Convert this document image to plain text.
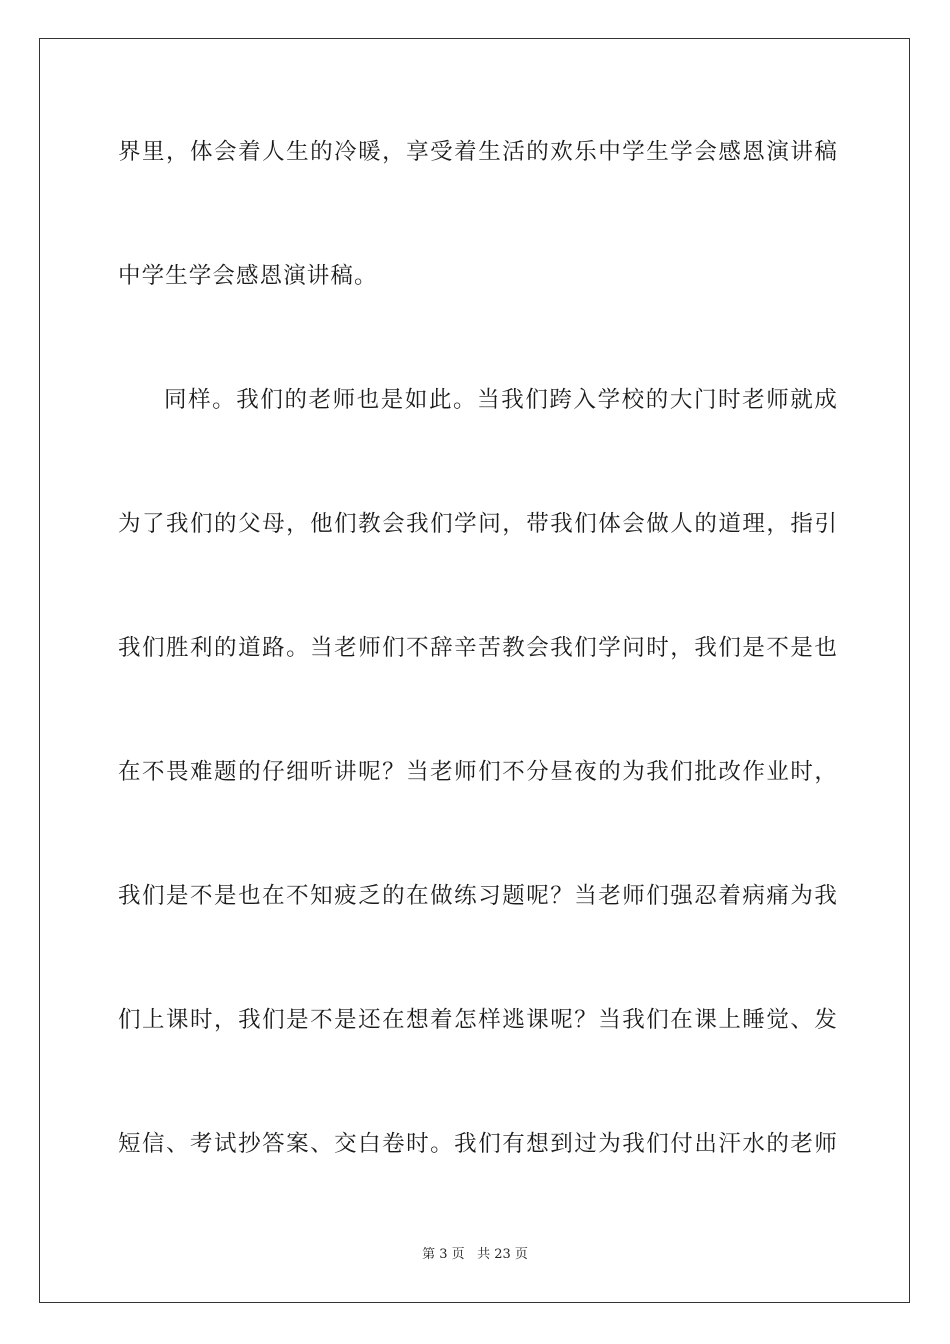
界里，体会着人生的冷暖，享受着生活的欢乐中学生学会感恩演讲稿
中学生学会感恩演讲稿。
同样。我们的老师也是如此。当我们跨入学校的大门时老师就成
为了我们的父母，他们教会我们学问，带我们体会做人的道理，指引
我们胜利的道路。当老师们不辞辛苦教会我们学问时，我们是不是也
在不畏难题的仔细听讲呢？当老师们不分昼夜的为我们批改作业时，
我们是不是也在不知疲乏的在做练习题呢？当老师们强忍着病痛为我
们上课时，我们是不是还在想着怎样逃课呢？当我们在课上睡觉、发
短信、考试抄答案、交白卷时。我们有想到过为我们付出汗水的老师
第 3 页 共 23 页
